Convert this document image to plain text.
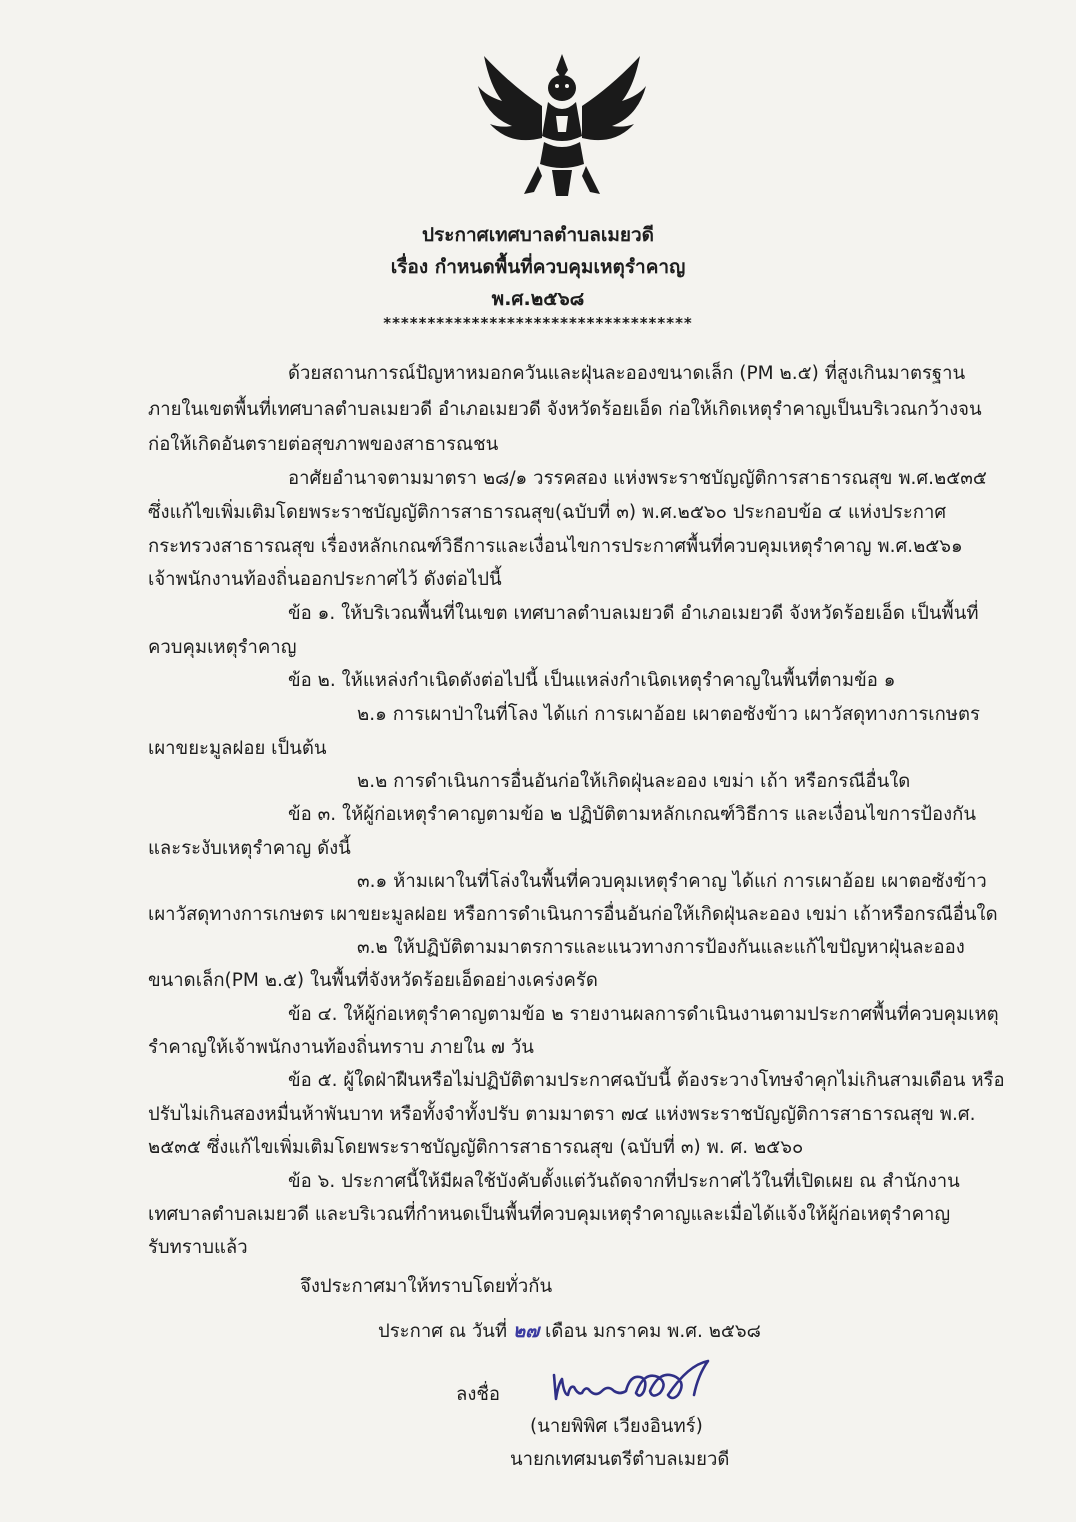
ประกาศเทศบาลตำบลเมยวดี
เรื่อง กำหนดพื้นที่ควบคุมเหตุรำคาญ
พ.ศ.๒๕๖๘
***********************************
ด้วยสถานการณ์ปัญหาหมอกควันและฝุ่นละอองขนาดเล็ก (PM ๒.๕) ที่สูงเกินมาตรฐาน
ภายในเขตพื้นที่เทศบาลตำบลเมยวดี อำเภอเมยวดี จังหวัดร้อยเอ็ด ก่อให้เกิดเหตุรำคาญเป็นบริเวณกว้างจน
ก่อให้เกิดอันตรายต่อสุขภาพของสาธารณชน
อาศัยอำนาจตามมาตรา ๒๘/๑ วรรคสอง แห่งพระราชบัญญัติการสาธารณสุข พ.ศ.๒๕๓๕
ซึ่งแก้ไขเพิ่มเติมโดยพระราชบัญญัติการสาธารณสุข(ฉบับที่ ๓) พ.ศ.๒๕๖๐ ประกอบข้อ ๔ แห่งประกาศ
กระทรวงสาธารณสุข เรื่องหลักเกณฑ์วิธีการและเงื่อนไขการประกาศพื้นที่ควบคุมเหตุรำคาญ พ.ศ.๒๕๖๑
เจ้าพนักงานท้องถิ่นออกประกาศไว้ ดังต่อไปนี้
ข้อ ๑. ให้บริเวณพื้นที่ในเขต เทศบาลตำบลเมยวดี อำเภอเมยวดี จังหวัดร้อยเอ็ด เป็นพื้นที่
ควบคุมเหตุรำคาญ
ข้อ ๒. ให้แหล่งกำเนิดดังต่อไปนี้ เป็นแหล่งกำเนิดเหตุรำคาญในพื้นที่ตามข้อ ๑
๒.๑ การเผาป่าในที่โลง ได้แก่ การเผาอ้อย เผาตอซังข้าว เผาวัสดุทางการเกษตร
เผาขยะมูลฝอย เป็นต้น
๒.๒ การดำเนินการอื่นอันก่อให้เกิดฝุ่นละออง เขม่า เถ้า หรือกรณีอื่นใด
ข้อ ๓. ให้ผู้ก่อเหตุรำคาญตามข้อ ๒ ปฏิบัติตามหลักเกณฑ์วิธีการ และเงื่อนไขการป้องกัน
และระงับเหตุรำคาญ ดังนี้
๓.๑ ห้ามเผาในที่โล่งในพื้นที่ควบคุมเหตุรำคาญ ได้แก่ การเผาอ้อย เผาตอซังข้าว
เผาวัสดุทางการเกษตร เผาขยะมูลฝอย หรือการดำเนินการอื่นอันก่อให้เกิดฝุ่นละออง เขม่า เถ้าหรือกรณีอื่นใด
๓.๒ ให้ปฏิบัติตามมาตรการและแนวทางการป้องกันและแก้ไขปัญหาฝุ่นละออง
ขนาดเล็ก(PM ๒.๕) ในพื้นที่จังหวัดร้อยเอ็ดอย่างเคร่งครัด
ข้อ ๔. ให้ผู้ก่อเหตุรำคาญตามข้อ ๒ รายงานผลการดำเนินงานตามประกาศพื้นที่ควบคุมเหตุ
รำคาญให้เจ้าพนักงานท้องถิ่นทราบ ภายใน ๗ วัน
ข้อ ๕. ผู้ใดฝ่าฝืนหรือไม่ปฏิบัติตามประกาศฉบับนี้ ต้องระวางโทษจำคุกไม่เกินสามเดือน หรือ
ปรับไม่เกินสองหมื่นห้าพันบาท หรือทั้งจำทั้งปรับ ตามมาตรา ๗๔ แห่งพระราชบัญญัติการสาธารณสุข พ.ศ.
๒๕๓๕ ซึ่งแก้ไขเพิ่มเติมโดยพระราชบัญญัติการสาธารณสุข (ฉบับที่ ๓) พ. ศ. ๒๕๖๐
ข้อ ๖. ประกาศนี้ให้มีผลใช้บังคับตั้งแต่วันถัดจากที่ประกาศไว้ในที่เปิดเผย ณ สำนักงาน
เทศบาลตำบลเมยวดี และบริเวณที่กำหนดเป็นพื้นที่ควบคุมเหตุรำคาญและเมื่อได้แจ้งให้ผู้ก่อเหตุรำคาญ
รับทราบแล้ว
จึงประกาศมาให้ทราบโดยทั่วกัน
ประกาศ ณ วันที่ ๒๗ เดือน มกราคม พ.ศ. ๒๕๖๘
ลงชื่อ
(นายพิพิศ เวียงอินทร์)
นายกเทศมนตรีตำบลเมยวดี
